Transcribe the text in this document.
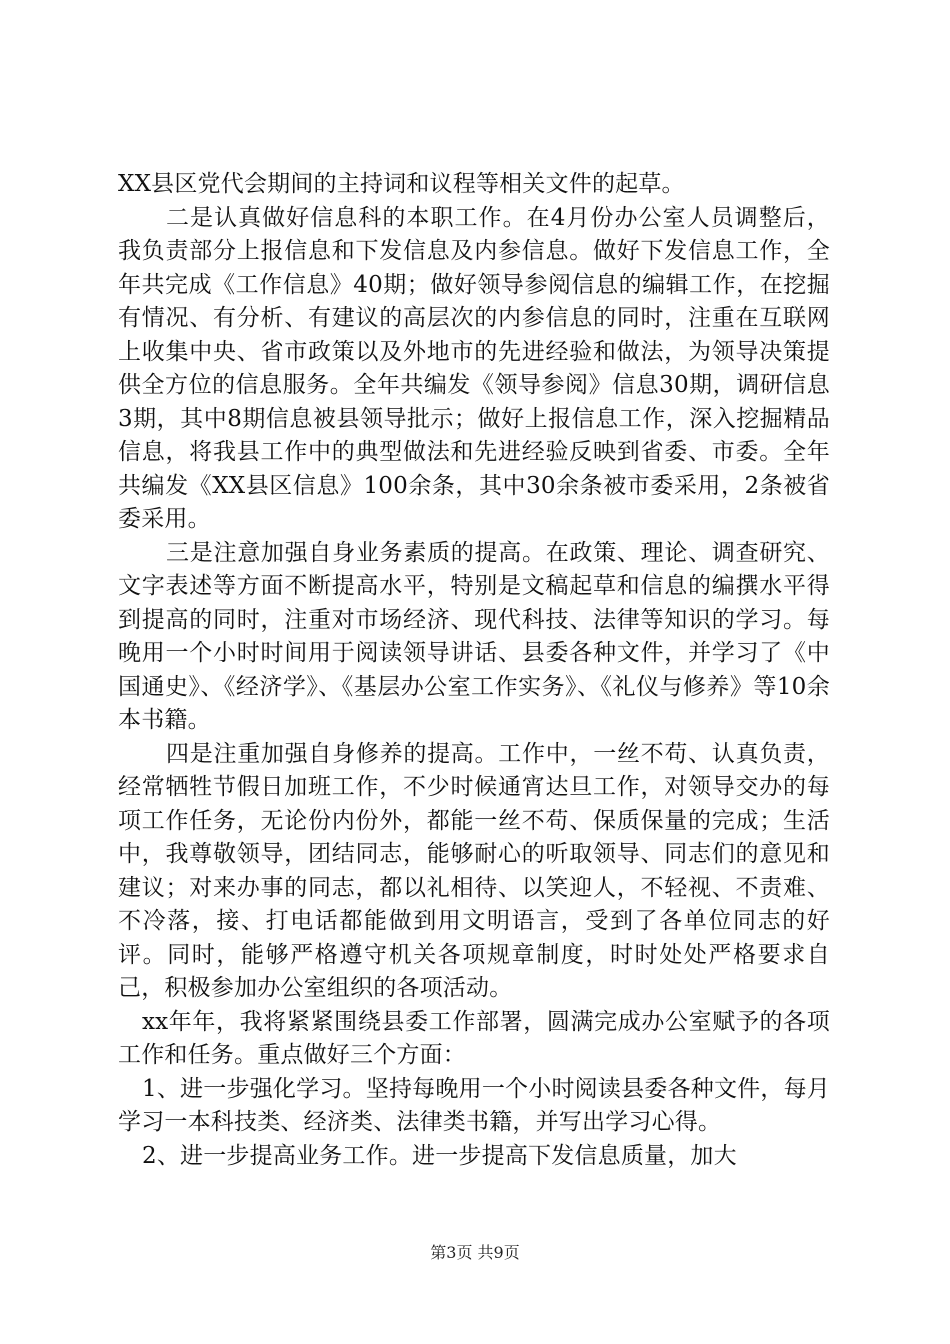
XX县区党代会期间的主持词和议程等相关文件的起草。

二是认真做好信息科的本职工作。在4月份办公室人员调整后，我负责部分上报信息和下发信息及内参信息。做好下发信息工作，全年共完成《工作信息》40期；做好领导参阅信息的编辑工作，在挖掘有情况、有分析、有建议的高层次的内参信息的同时，注重在互联网上收集中央、省市政策以及外地市的先进经验和做法，为领导决策提供全方位的信息服务。全年共编发《领导参阅》信息30期，调研信息3期，其中8期信息被县领导批示；做好上报信息工作，深入挖掘精品信息，将我县工作中的典型做法和先进经验反映到省委、市委。全年共编发《XX县区信息》100余条，其中30余条被市委采用，2条被省委采用。

三是注意加强自身业务素质的提高。在政策、理论、调查研究、文字表述等方面不断提高水平，特别是文稿起草和信息的编撰水平得到提高的同时，注重对市场经济、现代科技、法律等知识的学习。每晚用一个小时时间用于阅读领导讲话、县委各种文件，并学习了《中国通史》、《经济学》、《基层办公室工作实务》、《礼仪与修养》等10余本书籍。

四是注重加强自身修养的提高。工作中，一丝不苟、认真负责，经常牺牲节假日加班工作，不少时候通宵达旦工作，对领导交办的每项工作任务，无论份内份外，都能一丝不苟、保质保量的完成；生活中，我尊敬领导，团结同志，能够耐心的听取领导、同志们的意见和建议；对来办事的同志，都以礼相待、以笑迎人，不轻视、不责难、不冷落，接、打电话都能做到用文明语言，受到了各单位同志的好评。同时，能够严格遵守机关各项规章制度，时时处处严格要求自己，积极参加办公室组织的各项活动。

xx年年，我将紧紧围绕县委工作部署，圆满完成办公室赋予的各项工作和任务。重点做好三个方面：

1、进一步强化学习。坚持每晚用一个小时阅读县委各种文件，每月学习一本科技类、经济类、法律类书籍，并写出学习心得。

2、进一步提高业务工作。进一步提高下发信息质量，加大

第3页 共9页
